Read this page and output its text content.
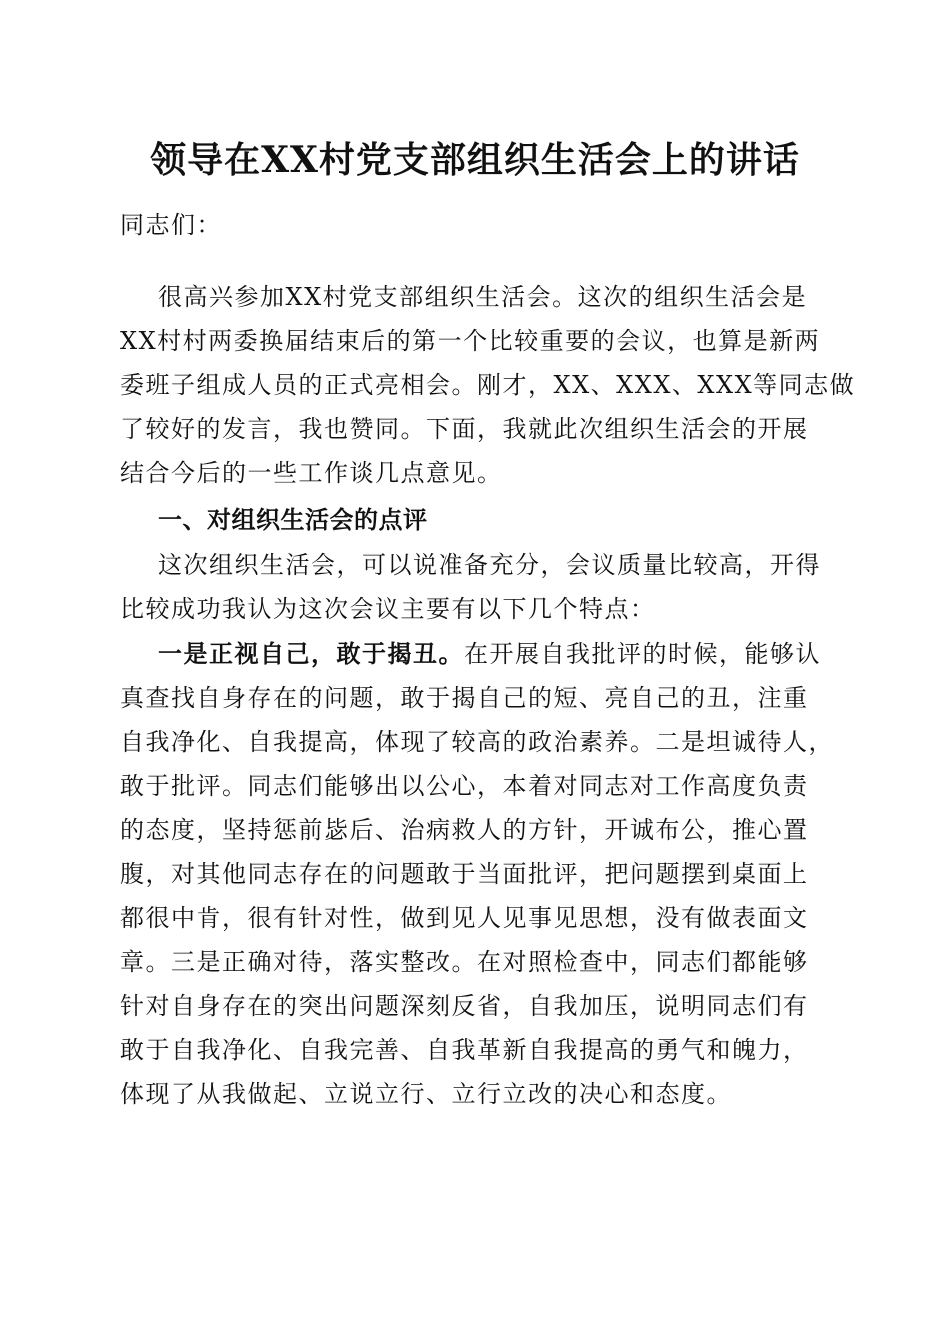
领导在XX村党支部组织生活会上的讲话
同志们：
很高兴参加XX村党支部组织生活会。这次的组织生活会是
XX村村两委换届结束后的第一个比较重要的会议，也算是新两
委班子组成人员的正式亮相会。刚才，XX、XXX、XXX等同志做
了较好的发言，我也赞同。下面，我就此次组织生活会的开展
结合今后的一些工作谈几点意见。
一、对组织生活会的点评
这次组织生活会，可以说准备充分，会议质量比较高，开得
比较成功我认为这次会议主要有以下几个特点：
一是正视自己，敢于揭丑。在开展自我批评的时候，能够认
真查找自身存在的问题，敢于揭自己的短、亮自己的丑，注重
自我净化、自我提高，体现了较高的政治素养。二是坦诚待人，
敢于批评。同志们能够出以公心，本着对同志对工作高度负责
的态度，坚持惩前毖后、治病救人的方针，开诚布公，推心置
腹，对其他同志存在的问题敢于当面批评，把问题摆到桌面上
都很中肯，很有针对性，做到见人见事见思想，没有做表面文
章。三是正确对待，落实整改。在对照检查中，同志们都能够
针对自身存在的突出问题深刻反省，自我加压，说明同志们有
敢于自我净化、自我完善、自我革新自我提高的勇气和魄力，
体现了从我做起、立说立行、立行立改的决心和态度。
